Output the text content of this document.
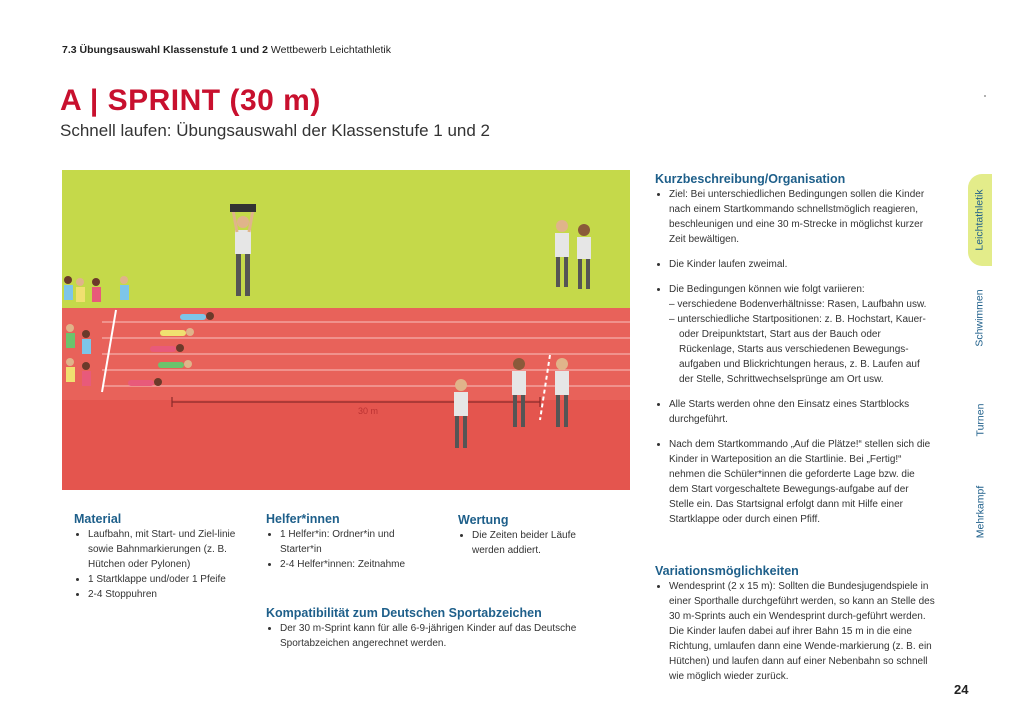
7.3 Übungsauswahl Klassenstufe 1 und 2 Wettbewerb Leichtathletik
A | SPRINT (30 m)
Schnell laufen: Übungsauswahl der Klassenstufe 1 und 2
30 m
Material
• Laufbahn, mit Start- und Ziel-linie sowie Bahnmarkierungen (z. B. Hütchen oder Pylonen)
• 1 Startklappe und/oder 1 Pfeife
• 2-4 Stoppuhren
Helfer*innen
• 1 Helfer*in: Ordner*in und Starter*in
• 2-4 Helfer*innen: Zeitnahme
Wertung
• Die Zeiten beider Läufe werden addiert.
Kompatibilität zum Deutschen Sportabzeichen
• Der 30 m-Sprint kann für alle 6-9-jährigen Kinder auf das Deutsche Sportabzeichen angerechnet werden.
Kurzbeschreibung/Organisation
• Ziel: Bei unterschiedlichen Bedingungen sollen die Kinder nach einem Startkommando schnellstmöglich reagieren, beschleunigen und eine 30 m-Strecke in möglichst kurzer Zeit bewältigen.
• Die Kinder laufen zweimal.
• Die Bedingungen können wie folgt variieren:
– verschiedene Bodenverhältnisse: Rasen, Laufbahn usw.
– unterschiedliche Startpositionen: z. B. Hochstart, Kauer- oder Dreipunktstart, Start aus der Bauch oder Rückenlage, Starts aus verschiedenen Bewegungs-aufgaben und Blickrichtungen heraus, z. B. Laufen auf der Stelle, Schrittwechselsprünge am Ort usw.
• Alle Starts werden ohne den Einsatz eines Startblocks durchgeführt.
• Nach dem Startkommando „Auf die Plätze!“ stellen sich die Kinder in Warteposition an die Startlinie. Bei „Fertig!“ nehmen die Schüler*innen die geforderte Lage bzw. die dem Start vorgeschaltete Bewegungs-aufgabe auf der Stelle ein. Das Startsignal erfolgt dann mit Hilfe einer Startklappe oder durch einen Pfiff.
Variationsmöglichkeiten
• Wendesprint (2 x 15 m): Sollten die Bundesjugendspiele in einer Sporthalle durchgeführt werden, so kann an Stelle des 30 m-Sprints auch ein Wendesprint durch-geführt werden. Die Kinder laufen dabei auf ihrer Bahn 15 m in die eine Richtung, umlaufen dann eine Wende-markierung (z. B. ein Hütchen) und laufen dann auf einer Nebenbahn so schnell wie möglich wieder zurück.
Leichtathletik
Schwimmen
Turnen
Mehrkampf
24
